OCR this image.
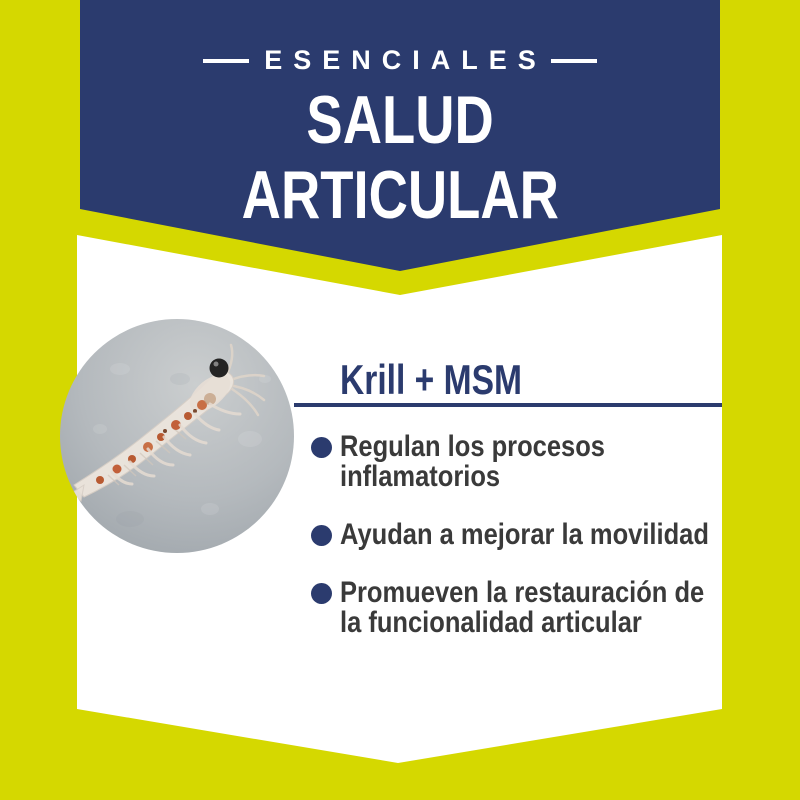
ESENCIALES
SALUD
ARTICULAR
Krill + MSM
Regulan los procesos
inflamatorios
Ayudan a mejorar la movilidad
Promueven la restauración de
la funcionalidad articular
